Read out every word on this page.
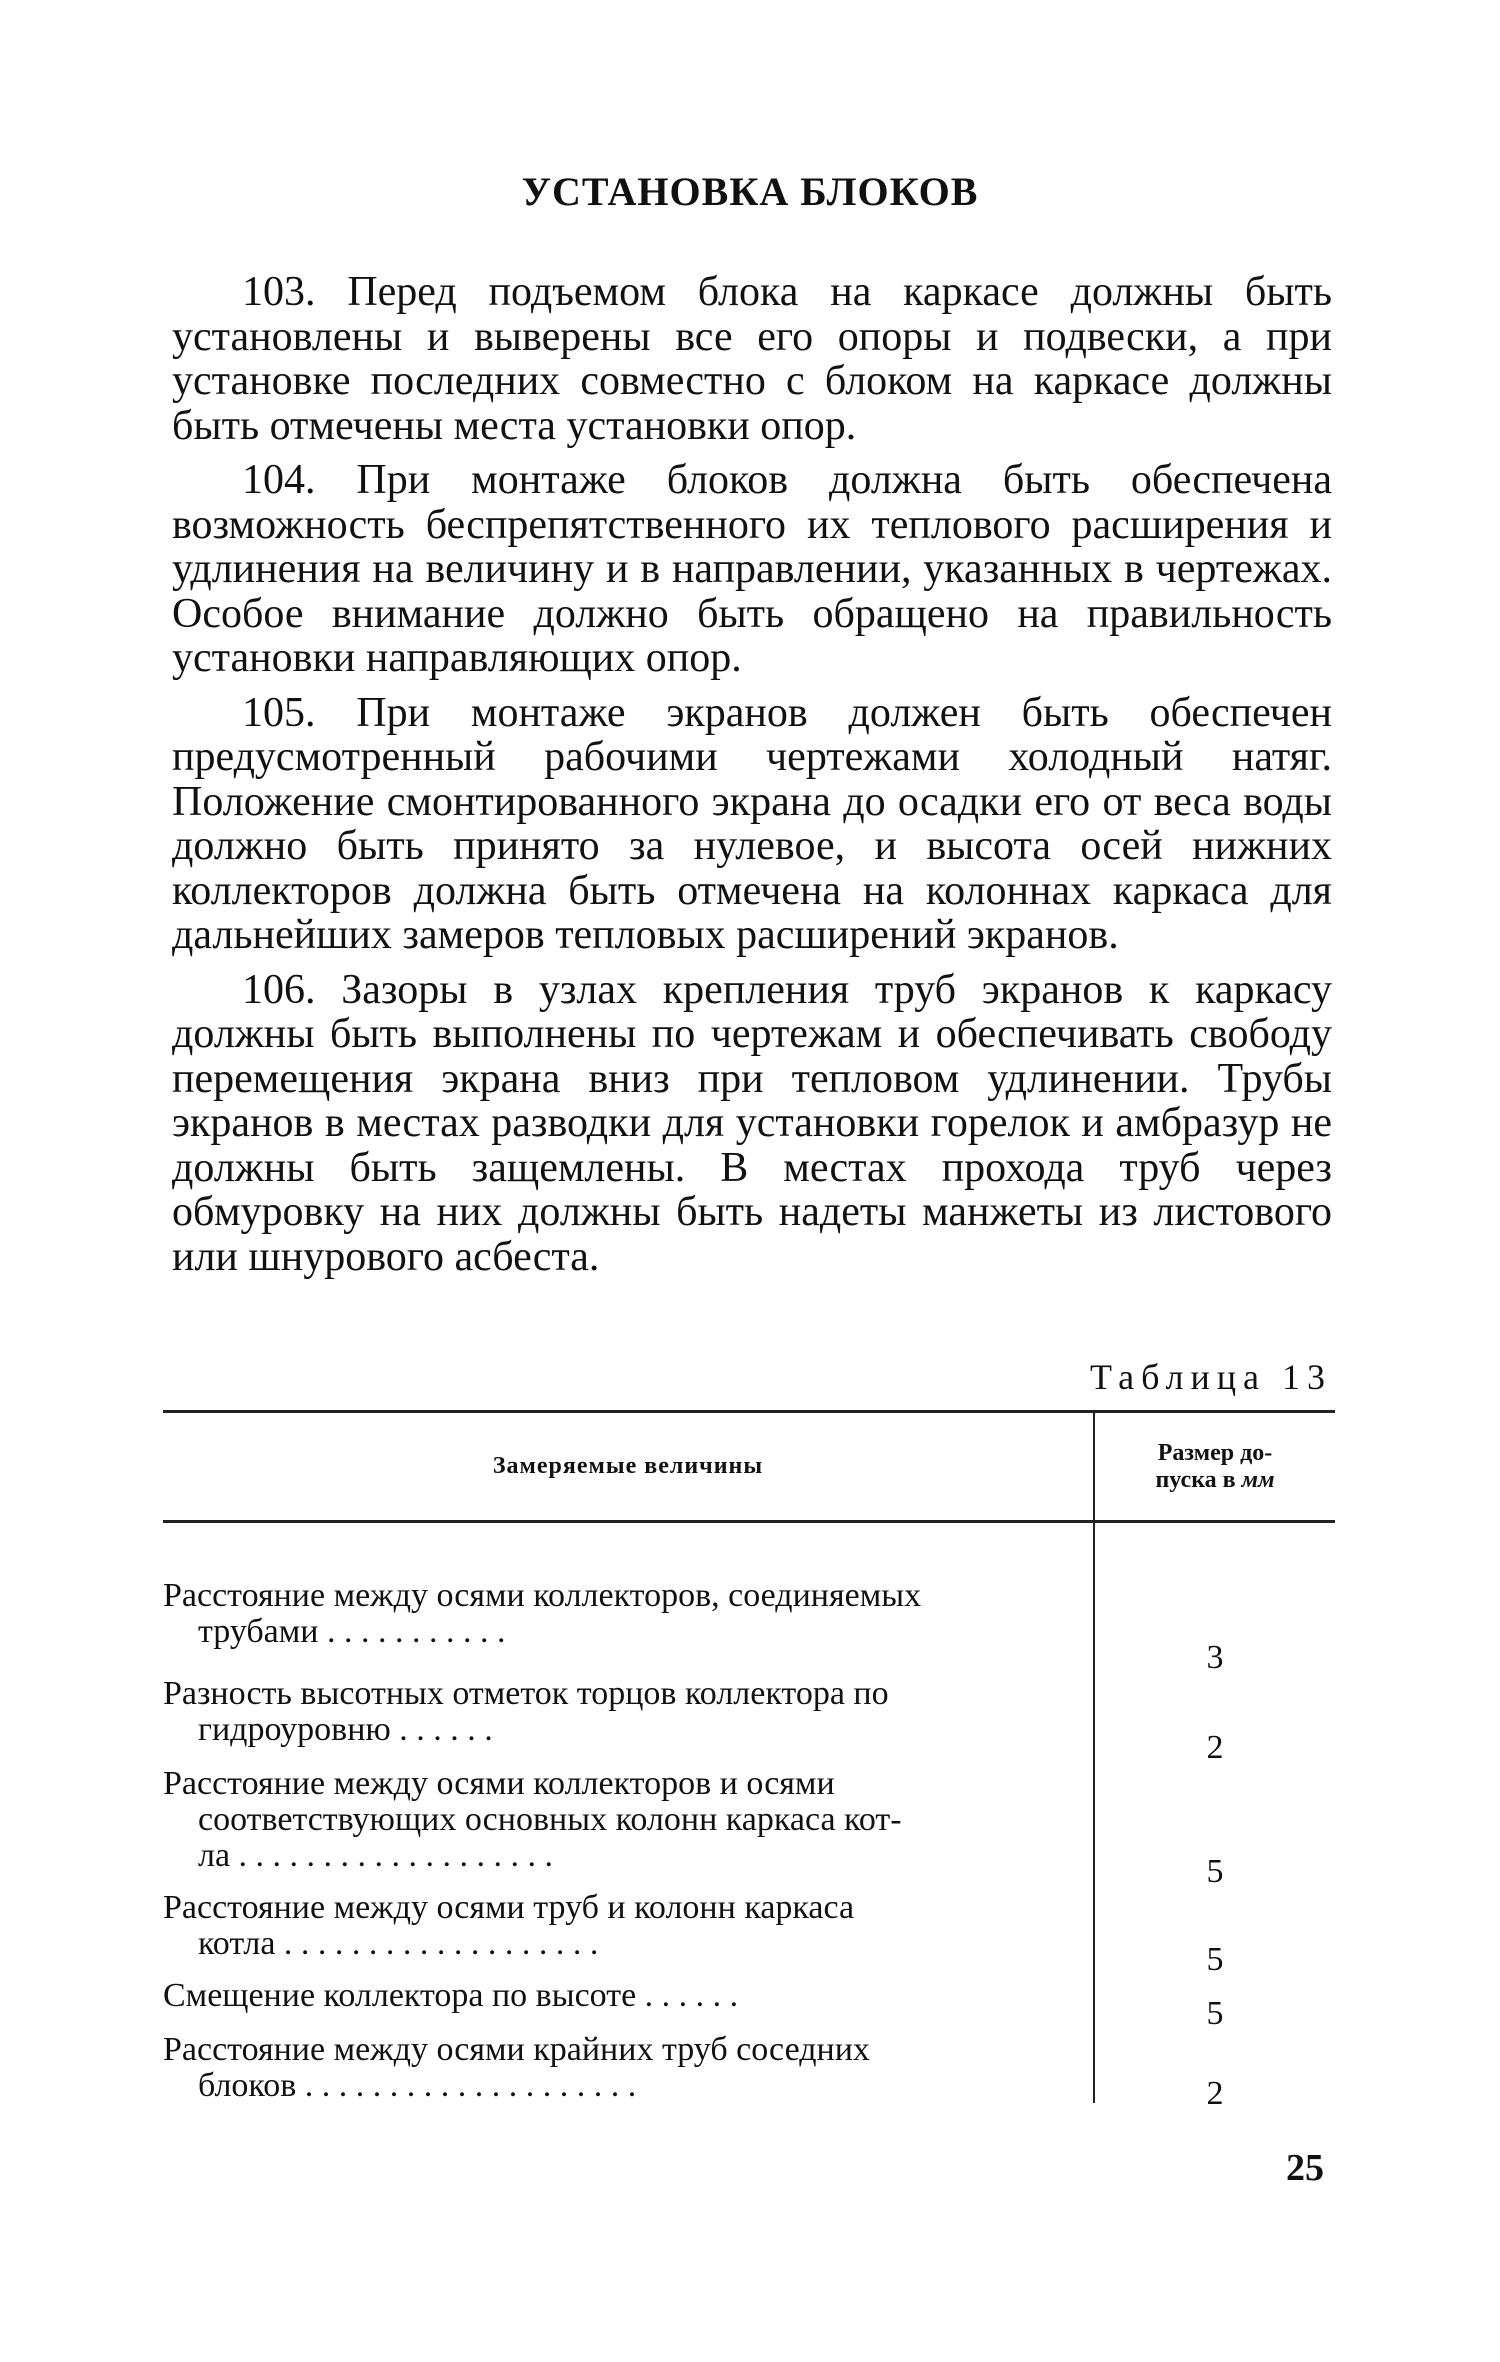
УСТАНОВКА БЛОКОВ

103. Перед подъемом блока на каркасе должны быть установлены и выверены все его опоры и подвески, а при установке последних совместно с блоком на каркасе должны быть отмечены места установки опор.

104. При монтаже блоков должна быть обеспечена возможность беспрепятственного их теплового расширения и удлинения на величину и в направлении, указанных в чертежах. Особое внимание должно быть обращено на правильность установки направляющих опор.

105. При монтаже экранов должен быть обеспечен предусмотренный рабочими чертежами холодный натяг. Положение смонтированного экрана до осадки его от веса воды должно быть принято за нулевое, и высота осей нижних коллекторов должна быть отмечена на колоннах каркаса для дальнейших замеров тепловых расширений экранов.

106. Зазоры в узлах крепления труб экранов к каркасу должны быть выполнены по чертежам и обеспечивать свободу перемещения экрана вниз при тепловом удлинении. Трубы экранов в местах разводки для установки горелок и амбразур не должны быть защемлены. В местах прохода труб через обмуровку на них должны быть надеты манжеты из листового или шнурового асбеста.

Таблица 13
Замеряемые величины
Размер до-
пуска в мм
Расстояние между осями коллекторов, соединяемых
трубами . . . . . . . . . . .
Разность высотных отметок торцов коллектора по
гидроуровню . . . . . .
Расстояние между осями коллекторов и осями
соответствующих основных колонн каркаса кот-
ла . . . . . . . . . . . . . . . . . . .
Расстояние между осями труб и колонн каркаса
котла . . . . . . . . . . . . . . . . . . .
Смещение коллектора по высоте . . . . . .
Расстояние между осями крайних труб соседних
блоков . . . . . . . . . . . . . . . . . . . .
3
2
5
5
5
2
25
